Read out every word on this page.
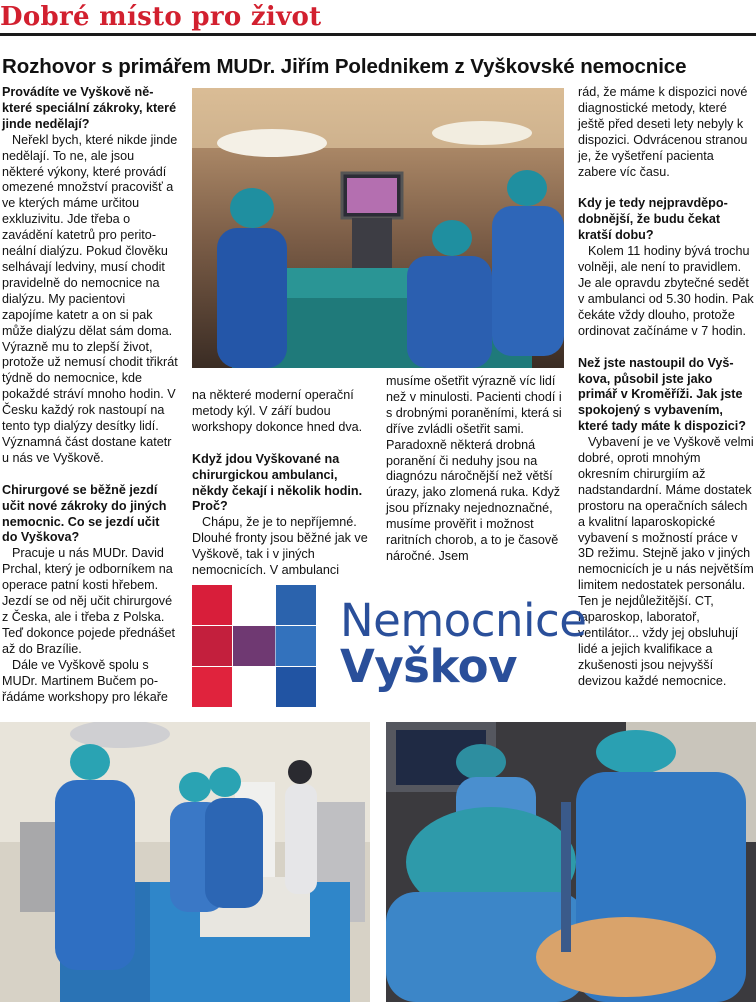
Dobré místo pro život
Rozhovor s primářem MUDr. Jiřím Polednikem z Vyškovské nemocnice

Provádíte ve Vyškově některé speciální zákroky, které jinde nedělají?

Neřekl bych, které nikde jinde nedělají. To ne, ale jsou některé výkony, které provádí omezené množství pracovišť a ve kterých máme určitou exkluzivitu. Jde třeba o zavádění katetrů pro peritoneální dialýzu. Pokud člověku selhávají ledviny, musí chodit pravidelně do nemocnice na dialýzu. My pacientovi zapojíme katetr a on si pak může dialýzu dělat sám doma. Výrazně mu to zlepší život, protože už nemusí chodit třikrát týdně do nemocnice, kde pokaždé stráví mnoho hodin. V Česku každý rok nastoupí na tento typ dialýzy desítky lidí. Významná část dostane katetr u nás ve Vyškově.

Chirurgové se běžně jezdí učit nové zákroky do jiných nemocnic. Co se jezdí učit do Vyškova?

Pracuje u nás MUDr. David Prchal, který je odborníkem na operace patní kosti hřebem. Jezdí se od něj učit chirurgové z Česka, ale i třeba z Polska. Teď dokonce pojede přednášet až do Brazílie.

Dále ve Vyškově spolu s MUDr. Martinem Bučem pořádáme workshopy pro lékaře

na některé moderní operační metody kýl. V září budou workshopy dokonce hned dva.

Když jdou Vyškované na chirurgickou ambulanci, někdy čekají i několik hodin. Proč?

Chápu, že je to nepříjemné. Dlouhé fronty jsou běžné jak ve Vyškově, tak i v jiných nemocnicích. V ambulanci

musíme ošetřit výrazně víc lidí než v minulosti. Pacienti chodí i s drobnými poraněními, která si dříve zvládli ošetřit sami. Paradoxně některá drobná poranění či neduhy jsou na diagnózu náročnější než větší úrazy, jako zlomená ruka. Když jsou příznaky nejednoznačné, musíme prověřit i možnost raritních chorob, a to je časově náročné. Jsem

rád, že máme k dispozici nové diagnostické metody, které ještě před deseti lety nebyly k dispozici. Odvrácenou stranou je, že vyšetření pacienta zabere víc času.

Kdy je tedy nejpravděpodobnější, že budu čekat kratší dobu?

Kolem 11 hodiny bývá trochu volněji, ale není to pravidlem. Je ale opravdu zbytečné sedět v ambulanci od 5.30 hodin. Pak čekáte vždy dlouho, protože ordinovat začínáme v 7 hodin.

Než jste nastoupil do Vyškova, působil jste jako primář v Kroměříži. Jak jste spokojený s vybavením, které tady máte k dispozici?

Vybavení je ve Vyškově velmi dobré, oproti mnohým okresním chirurgiím až nadstandardní. Máme dostatek prostoru na operačních sálech a kvalitní laparoskopické vybavení s možností práce v 3D režimu. Stejně jako v jiných nemocnicích je u nás největším limitem nedostatek personálu. Ten je nejdůležitější. CT, laparoskop, laboratoř, ventilátor... vždy jej obsluhují lidé a jejich kvalifikace a zkušenosti jsou nejvyšší devizou každé nemocnice.

Nemocnice
Vyškov
